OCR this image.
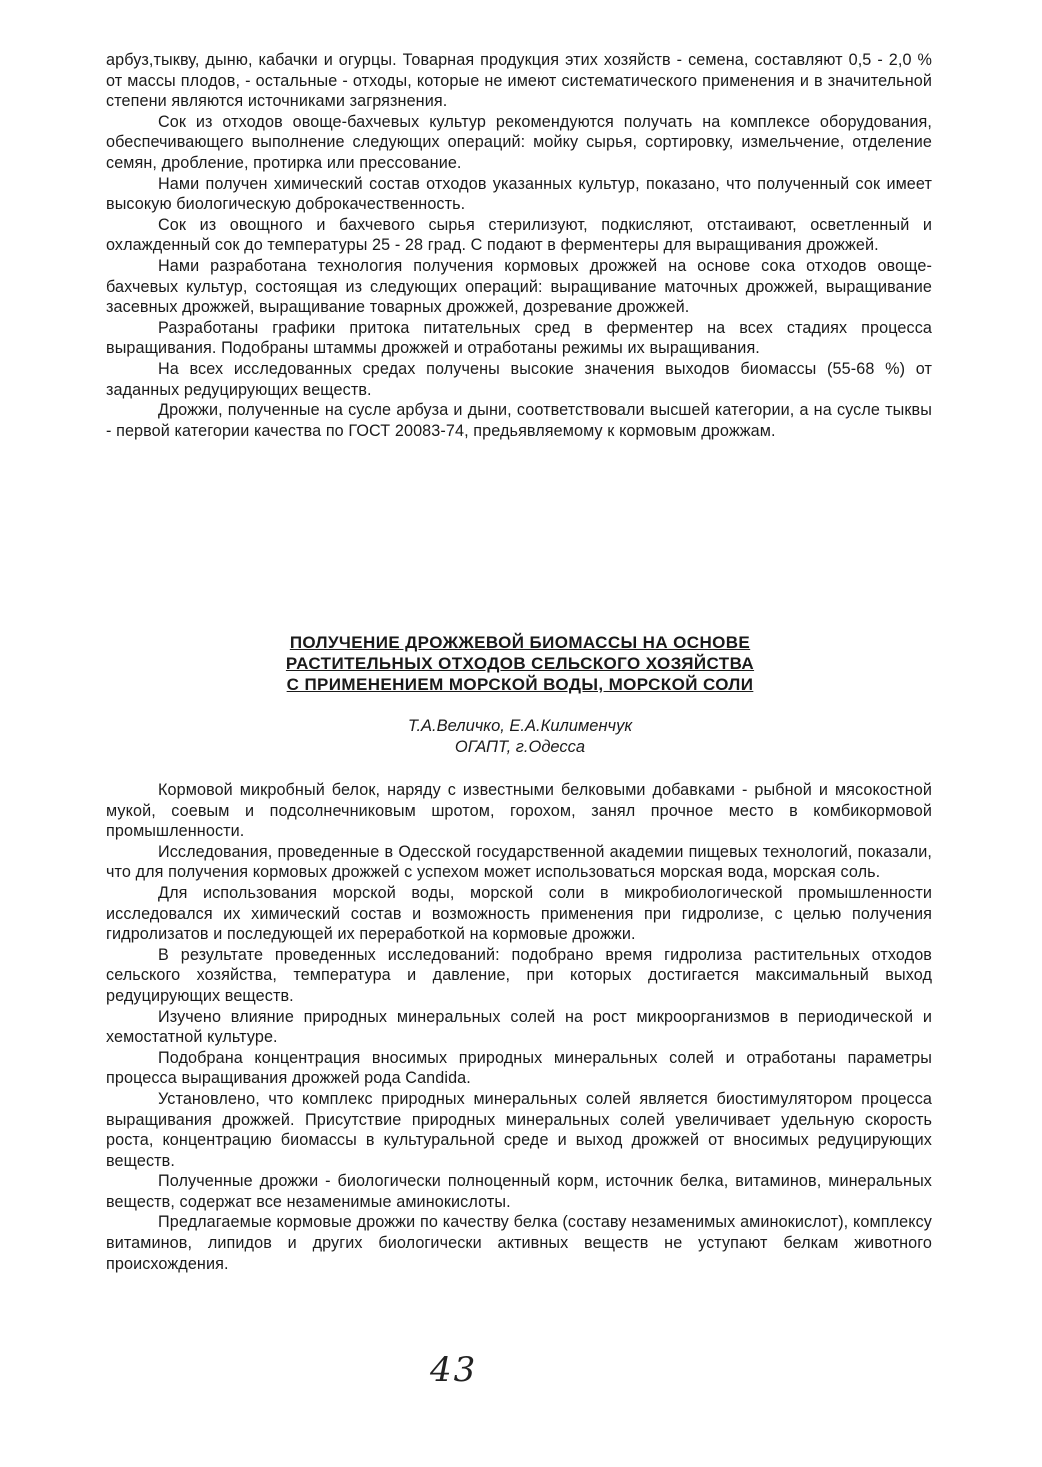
арбуз,тыкву, дыню, кабачки и огурцы. Товарная продукция этих хозяйств - семена, составляют 0,5 - 2,0 % от массы плодов, - остальные - отходы, которые не имеют систематического применения и в значительной степени являются источниками загрязнения.

Сок из отходов овоще-бахчевых культур рекомендуются получать на комплексе оборудования, обеспечивающего выполнение следующих операций: мойку сырья, сортировку, измельчение, отделение семян, дробление, протирка или прессование.

Нами получен химический состав отходов указанных культур, показано, что полученный сок имеет высокую биологическую доброкачественность.

Сок из овощного и бахчевого сырья стерилизуют, подкисляют, отстаивают, осветленный и охлажденный сок до температуры 25 - 28 град. С подают в ферментеры для выращивания дрожжей.

Нами разработана технология получения кормовых дрожжей на основе сока отходов овоще-бахчевых культур, состоящая из следующих операций: выращивание маточных дрожжей, выращивание засевных дрожжей, выращивание товарных дрожжей, дозревание дрожжей.

Разработаны графики притока питательных сред в ферментер на всех стадиях процесса выращивания. Подобраны штаммы дрожжей и отработаны режимы их выращивания.

На всех исследованных средах получены высокие значения выходов биомассы (55-68 %) от заданных редуцирующих веществ.

Дрожжи, полученные на сусле арбуза и дыни, соответствовали высшей категории, а на сусле тыквы - первой категории качества по ГОСТ 20083-74, предьявляемому к кормовым дрожжам.

ПОЛУЧЕНИЕ ДРОЖЖЕВОЙ БИОМАССЫ НА ОСНОВЕ
РАСТИТЕЛЬНЫХ ОТХОДОВ СЕЛЬСКОГО ХОЗЯЙСТВА
С ПРИМЕНЕНИЕМ МОРСКОЙ ВОДЫ, МОРСКОЙ СОЛИ
Т.А.Величко, Е.А.Килименчук
ОГАПТ, г.Одесса

Кормовой микробный белок, наряду с известными белковыми добавками - рыбной и мясокостной мукой, соевым и подсолнечниковым шротом, горохом, занял прочное место в комбикормовой промышленности.

Исследования, проведенные в Одесской государственной академии пищевых технологий, показали, что для получения кормовых дрожжей с успехом может использоваться морская вода, морская соль.

Для использования морской воды, морской соли в микробиологической промышленности исследовался их химический состав и возможность применения при гидролизе, с целью получения гидролизатов и последующей их переработкой на кормовые дрожжи.

В результате проведенных исследований: подобрано время гидролиза растительных отходов сельского хозяйства, температура и давление, при которых достигается максимальный выход редуцирующих веществ.

Изучено влияние природных минеральных солей на рост микроорганизмов в периодической и хемостатной культуре.

Подобрана концентрация вносимых природных минеральных солей и отработаны параметры процесса выращивания дрожжей рода Candida.

Установлено, что комплекс природных минеральных солей является биостимулятором процесса выращивания дрожжей. Присутствие природных минеральных солей увеличивает удельную скорость роста, концентрацию биомассы в культуральной среде и выход дрожжей от вносимых редуцирующих веществ.

Полученные дрожжи - биологически полноценный корм, источник белка, витаминов, минеральных веществ, содержат все незаменимые аминокислоты.

Предлагаемые кормовые дрожжи по качеству белка (составу незаменимых аминокислот), комплексу витаминов, липидов и других биологически активных веществ не уступают белкам животного происхождения.

43
